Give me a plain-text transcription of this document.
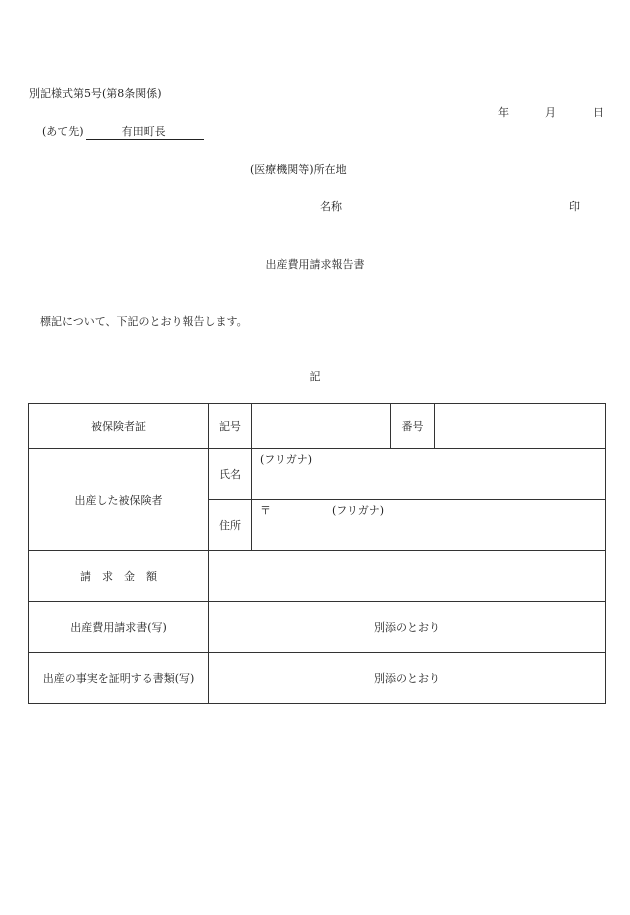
別記様式第5号(第8条関係)
年	月	日
(あて先)	有田町長
(医療機関等)所在地
名称	印
出産費用請求報告書
標記について、下記のとおり報告します。
記
被保険者証	記号		番号	
出産した被保険者	氏名	(フリガナ)		

	住所	〒 (フリガナ)		

請　求　金　額				
出産費用請求書(写)	別添のとおり			
出産の事実を証明する書類(写)	別添のとおり			
